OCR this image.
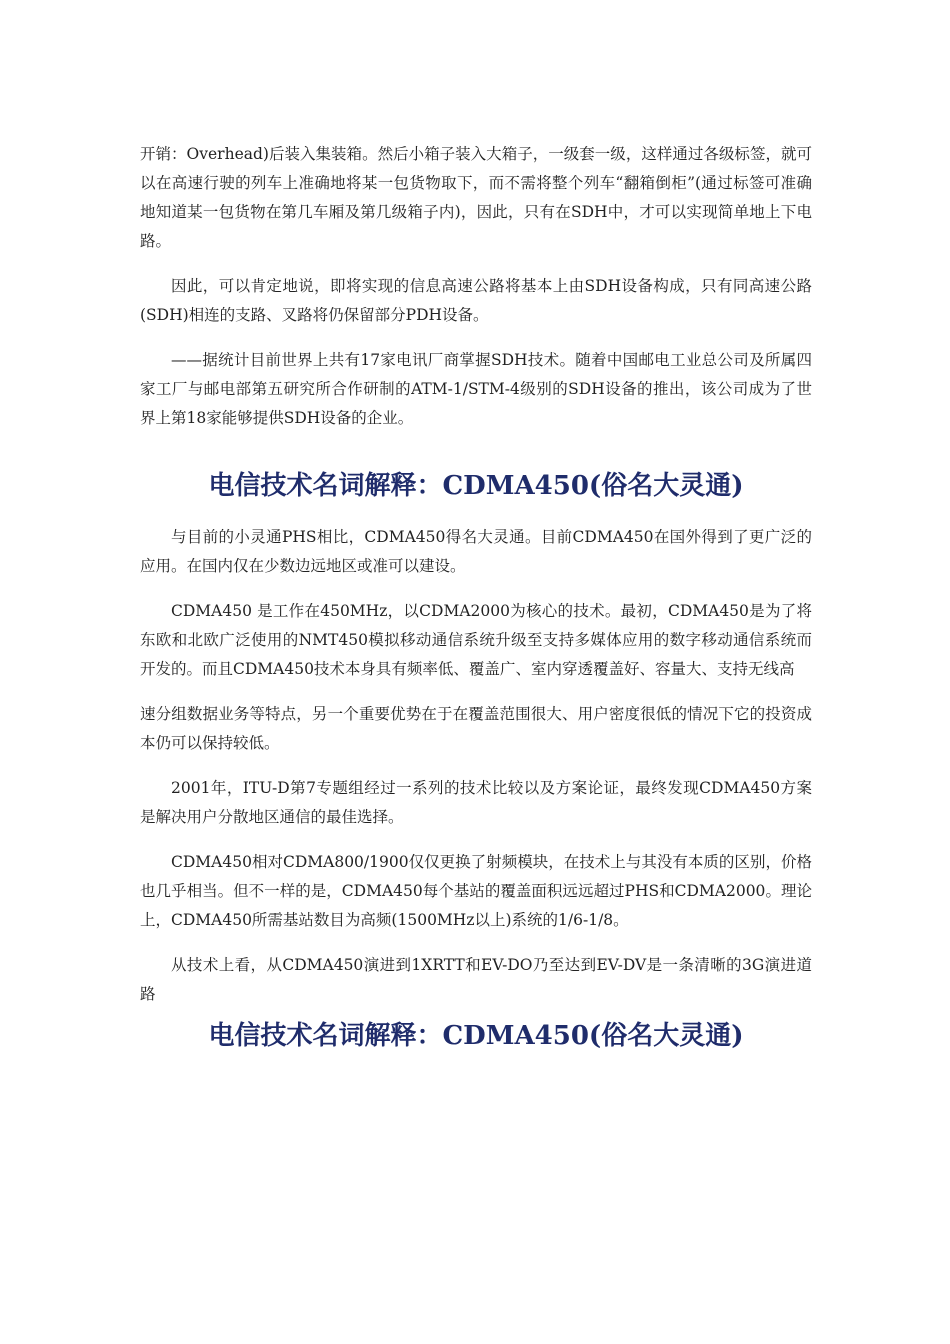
开销：Overhead)后装入集装箱。然后小箱子装入大箱子，一级套一级，这样通过各级标签，就可以在高速行驶的列车上准确地将某一包货物取下，而不需将整个列车“翻箱倒柜”(通过标签可准确地知道某一包货物在第几车厢及第几级箱子内)，因此，只有在SDH中，才可以实现简单地上下电路。

因此，可以肯定地说，即将实现的信息高速公路将基本上由SDH设备构成，只有同高速公路(SDH)相连的支路、叉路将仍保留部分PDH设备。

——据统计目前世界上共有17家电讯厂商掌握SDH技术。随着中国邮电工业总公司及所属四家工厂与邮电部第五研究所合作研制的ATM-1/STM-4级别的SDH设备的推出，该公司成为了世界上第18家能够提供SDH设备的企业。

电信技术名词解释：CDMA450(俗名大灵通)

与目前的小灵通PHS相比，CDMA450得名大灵通。目前CDMA450在国外得到了更广泛的应用。在国内仅在少数边远地区或准可以建设。

CDMA450 是工作在450MHz，以CDMA2000为核心的技术。最初，CDMA450是为了将东欧和北欧广泛使用的NMT450模拟移动通信系统升级至支持多媒体应用的数字移动通信系统而开发的。而且CDMA450技术本身具有频率低、覆盖广、室内穿透覆盖好、容量大、支持无线高

速分组数据业务等特点，另一个重要优势在于在覆盖范围很大、用户密度很低的情况下它的投资成本仍可以保持较低。

2001年，ITU-D第7专题组经过一系列的技术比较以及方案论证，最终发现CDMA450方案是解决用户分散地区通信的最佳选择。

CDMA450相对CDMA800/1900仅仅更换了射频模块，在技术上与其没有本质的区别，价格也几乎相当。但不一样的是，CDMA450每个基站的覆盖面积远远超过PHS和CDMA2000。理论上，CDMA450所需基站数目为高频(1500MHz以上)系统的1/6-1/8。

从技术上看，从CDMA450演进到1XRTT和EV-DO乃至达到EV-DV是一条清晰的3G演进道路

电信技术名词解释：CDMA450(俗名大灵通)
